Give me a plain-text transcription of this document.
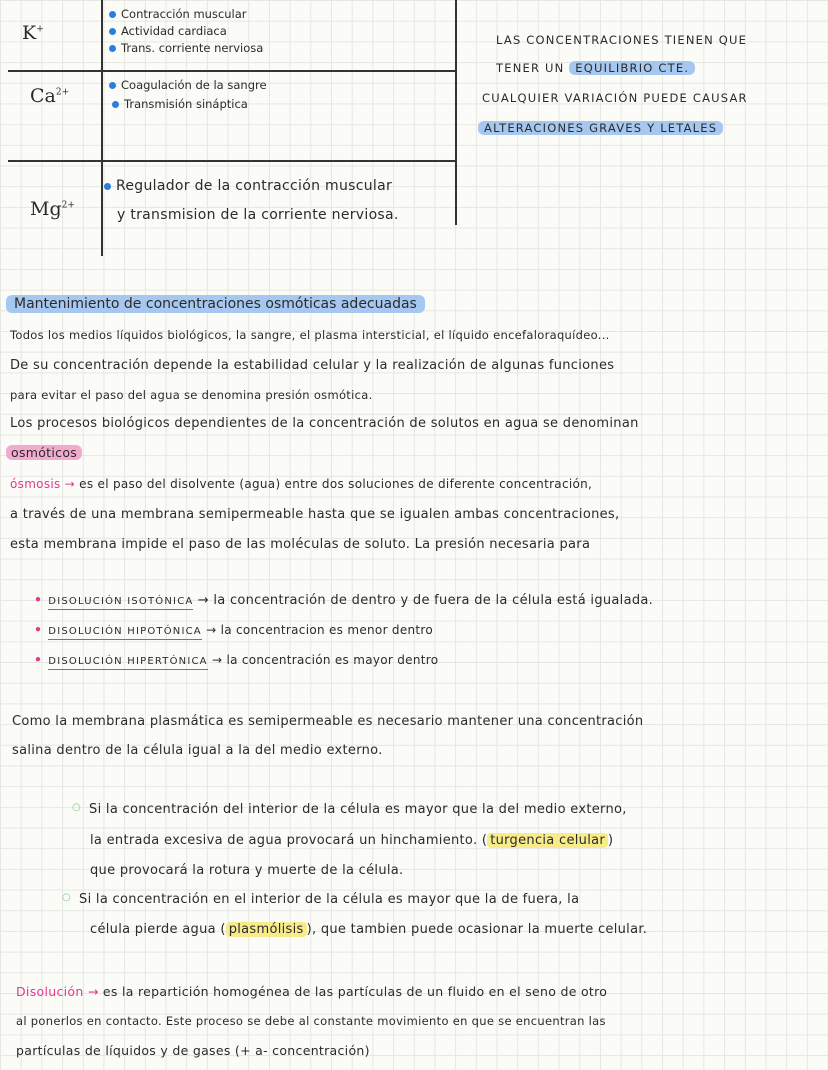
K+
Contracción muscular
Actividad cardiaca
Trans. corriente nerviosa
$Ca^{2+}$
Coagulación de la sangre
Transmisión sináptica
$Mg^{2+}$
Regulador de la contracción muscular
y transmision de la corriente nerviosa.
LAS CONCENTRACIONES TIENEN QUE
TENER UN EQUILIBRIO CTE.
CUALQUIER VARIACIÓN PUEDE CAUSAR
ALTERACIONES GRAVES Y LETALES
Mantenimiento de concentraciones osmóticas adecuadas
Todos los medios líquidos biológicos, la sangre, el plasma intersticial, el líquido encefaloraquídeo...
De su concentración depende la estabilidad celular y la realización de algunas funciones
para evitar el paso del agua se denomina presión osmótica.
Los procesos biológicos dependientes de la concentración de solutos en agua se denominan
osmóticos
ósmosis → es el paso del disolvente (agua) entre dos soluciones de diferente concentración,
a través de una membrana semipermeable hasta que se igualen ambas concentraciones,
esta membrana impide el paso de las moléculas de soluto. La presión necesaria para
• DISOLUCIÓN ISOTÓNICA → la concentración de dentro y de fuera de la célula está igualada.
• DISOLUCIÓN HIPOTÓNICA → la concentracion es menor dentro
• DISOLUCIÓN HIPERTÓNICA → la concentración es mayor dentro
Como la membrana plasmática es semipermeable es necesario mantener una concentración
salina dentro de la célula igual a la del medio externo.
○ Si la concentración del interior de la célula es mayor que la del medio externo,
la entrada excesiva de agua provocará un hinchamiento. ( turgencia celular )
que provocará la rotura y muerte de la célula.
○ Si la concentración en el interior de la célula es mayor que la de fuera, la
célula pierde agua ( plasmólisis ), que tambien puede ocasionar la muerte celular.
Disolución → es la repartición homogénea de las partículas de un fluido en el seno de otro
al ponerlos en contacto. Este proceso se debe al constante movimiento en que se encuentran las
partículas de líquidos y de gases (+ a- concentración)
